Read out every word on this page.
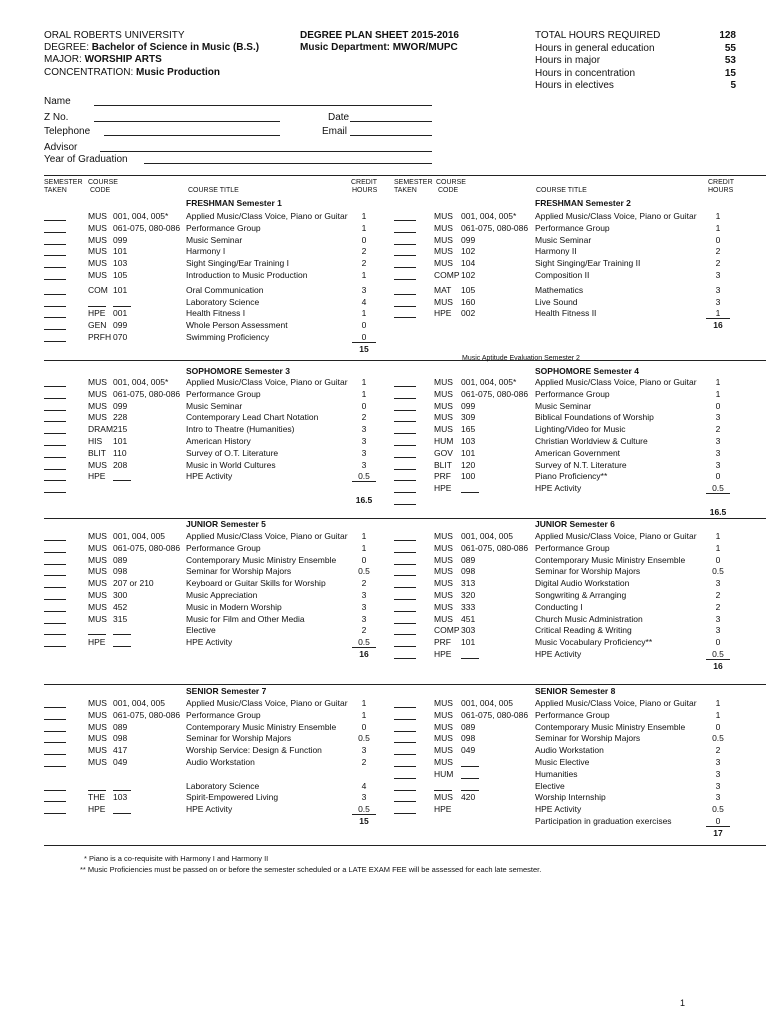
ORAL ROBERTS UNIVERSITY
DEGREE: Bachelor of Science in Music (B.S.)
MAJOR: WORSHIP ARTS
CONCENTRATION: Music Production
DEGREE PLAN SHEET 2015-2016
Music Department: MWOR/MUPC
TOTAL HOURS REQUIRED	128
Hours in general education	55
Hours in major	53
Hours in concentration	15
Hours in electives	5
Name
Z No.	Date
Telephone	Email
Advisor
Year of Graduation
SEMESTER
TAKEN
COURSE
CODE	COURSE TITLE
CREDIT
HOURS
SEMESTER
TAKEN
COURSE
CODE	COURSE TITLE
CREDIT
HOURS
FRESHMAN Semester 1
MUS 001, 004, 005* Applied Music/Class Voice, Piano or Guitar	1
MUS 061-075, 080-086 Performance Group	1
MUS 099	Music Seminar	0
MUS 101	Harmony I	2
MUS 103	Sight Singing/Ear Training I	2
MUS 105	Introduction to Music Production	1
COM 101	Oral Communication	3
Laboratory Science	4
HPE 001	Health Fitness I	1
GEN 099	Whole Person Assessment	0
PRFH 070	Swimming Proficiency	0
15
FRESHMAN Semester 2
MUS 001, 004, 005* Applied Music/Class Voice, Piano or Guitar	1
MUS 061-075, 080-086 Performance Group	1
MUS 099	Music Seminar	0
MUS 102	Harmony II	2
MUS 104	Sight Singing/Ear Training II	2
COMP 102	Composition II	3
MAT 105	Mathematics	3
MUS 160	Live Sound	3
HPE 002	Health Fitness II	1
16
SOPHOMORE Semester 3
MUS 001, 004, 005* Applied Music/Class Voice, Piano or Guitar	1
MUS 061-075, 080-086 Performance Group	1
MUS 099	Music Seminar	0
MUS 228	Contemporary Lead Chart Notation	2
DRAM 215	Intro to Theatre (Humanities)	3
HIS 101	American History	3
BLIT 110	Survey of O.T. Literature	3
MUS 208	Music in World Cultures	3
HPE	HPE Activity	0.5
16.5
SOPHOMORE Semester 4
MUS 001, 004, 005* Applied Music/Class Voice, Piano or Guitar	1
MUS 061-075, 080-086 Performance Group	1
MUS 099	Music Seminar	0
MUS 309	Biblical Foundations of Worship	3
MUS 165	Lighting/Video for Music	2
HUM 103	Christian Worldview & Culture	3
GOV 101	American Government	3
BLIT 120	Survey of N.T. Literature	3
PRF 100	Piano Proficiency**	0
HPE	HPE Activity	0.5
16.5
JUNIOR Semester 5
MUS 001, 004, 005 Applied Music/Class Voice, Piano or Guitar	1
MUS 061-075, 080-086 Performance Group	1
MUS 089	Contemporary Music Ministry Ensemble	0
MUS 098	Seminar for Worship Majors	0.5
MUS 207 or 210	Keyboard or Guitar Skills for Worship	2
MUS 300	Music Appreciation	3
MUS 452	Music in Modern Worship	3
MUS 315	Music for Film and Other Media	3
Elective	2
HPE	HPE Activity	0.5
16
JUNIOR Semester 6
MUS 001, 004, 005	Applied Music/Class Voice, Piano or Guitar	1
MUS 061-075, 080-086 Performance Group	1
MUS 089	Contemporary Music Ministry Ensemble	0
MUS 098	Seminar for Worship Majors	0.5
MUS 313	Digital Audio Workstation	3
MUS 320	Songwriting & Arranging	2
MUS 333	Conducting I	2
MUS 451	Church Music Administration	3
COMP 303	Critical Reading & Writing	3
PRF 101	Music Vocabulary Proficiency**	0
HPE	HPE Activity	0.5
16
SENIOR Semester 7
MUS 001, 004, 005 Applied Music/Class Voice, Piano or Guitar	1
MUS 061-075, 080-086 Performance Group	1
MUS 089	Contemporary Music Ministry Ensemble	0
MUS 098	Seminar for Worship Majors	0.5
MUS 417	Worship Service: Design & Function	3
MUS 049	Audio Workstation	2
Laboratory Science	4
THE 103	Spirit-Empowered Living	3
HPE	HPE Activity	0.5
15
SENIOR Semester 8
MUS 001, 004, 005	Applied Music/Class Voice, Piano or Guitar	1
MUS 061-075, 080-086 Performance Group	1
MUS 089	Contemporary Music Ministry Ensemble	0
MUS 098	Seminar for Worship Majors	0.5
MUS 049	Audio Workstation	2
MUS	Music Elective	3
HUM	Humanities	3
Elective	3
MUS 420	Worship Internship	3
HPE	HPE Activity	0.5
Participation in graduation exercises	0
17
Music Aptitude Evaluation Semester 2
* Piano is a co-requisite with Harmony I and Harmony II
** Music Proficiencies must be passed on or before the semester scheduled or a LATE EXAM FEE will be assessed for each late semester.
1
